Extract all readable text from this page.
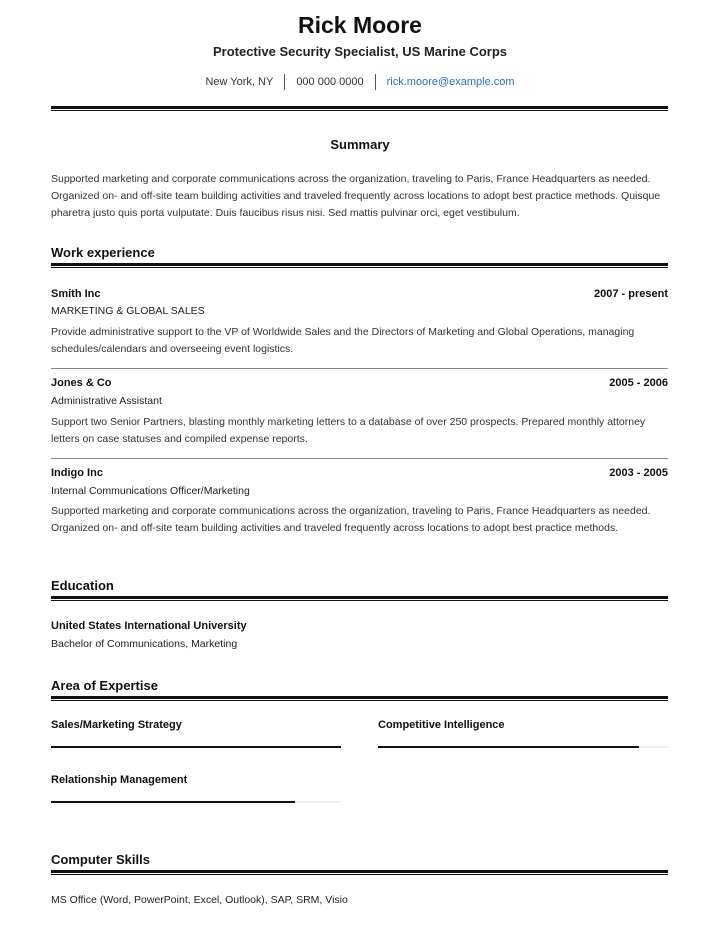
Rick Moore
Protective Security Specialist, US Marine Corps
New York, NY 000 000 0000 rick.moore@example.com
Summary
Supported marketing and corporate communications across the organization, traveling to Paris, France Headquarters as needed. Organized on- and off-site team building activities and traveled frequently across locations to adopt best practice methods. Quisque pharetra justo quis porta vulputate. Duis faucibus risus nisi. Sed mattis pulvinar orci, eget vestibulum.
Work experience
Smith Inc	2007 - present
MARKETING & GLOBAL SALES
Provide administrative support to the VP of Worldwide Sales and the Directors of Marketing and Global Operations, managing schedules/calendars and overseeing event logistics.
Jones & Co	2005 - 2006
Administrative Assistant
Support two Senior Partners, blasting monthly marketing letters to a database of over 250 prospects. Prepared monthly attorney letters on case statuses and compiled expense reports.
Indigo Inc	2003 - 2005
Internal Communications Officer/Marketing
Supported marketing and corporate communications across the organization, traveling to Paris, France Headquarters as needed. Organized on- and off-site team building activities and traveled frequently across locations to adopt best practice methods.
Education
United States International University
Bachelor of Communications, Marketing
Area of Expertise
Sales/Marketing Strategy	Competitive Intelligence
Relationship Management
Computer Skills
MS Office (Word, PowerPoint, Excel, Outlook), SAP, SRM, Visio
